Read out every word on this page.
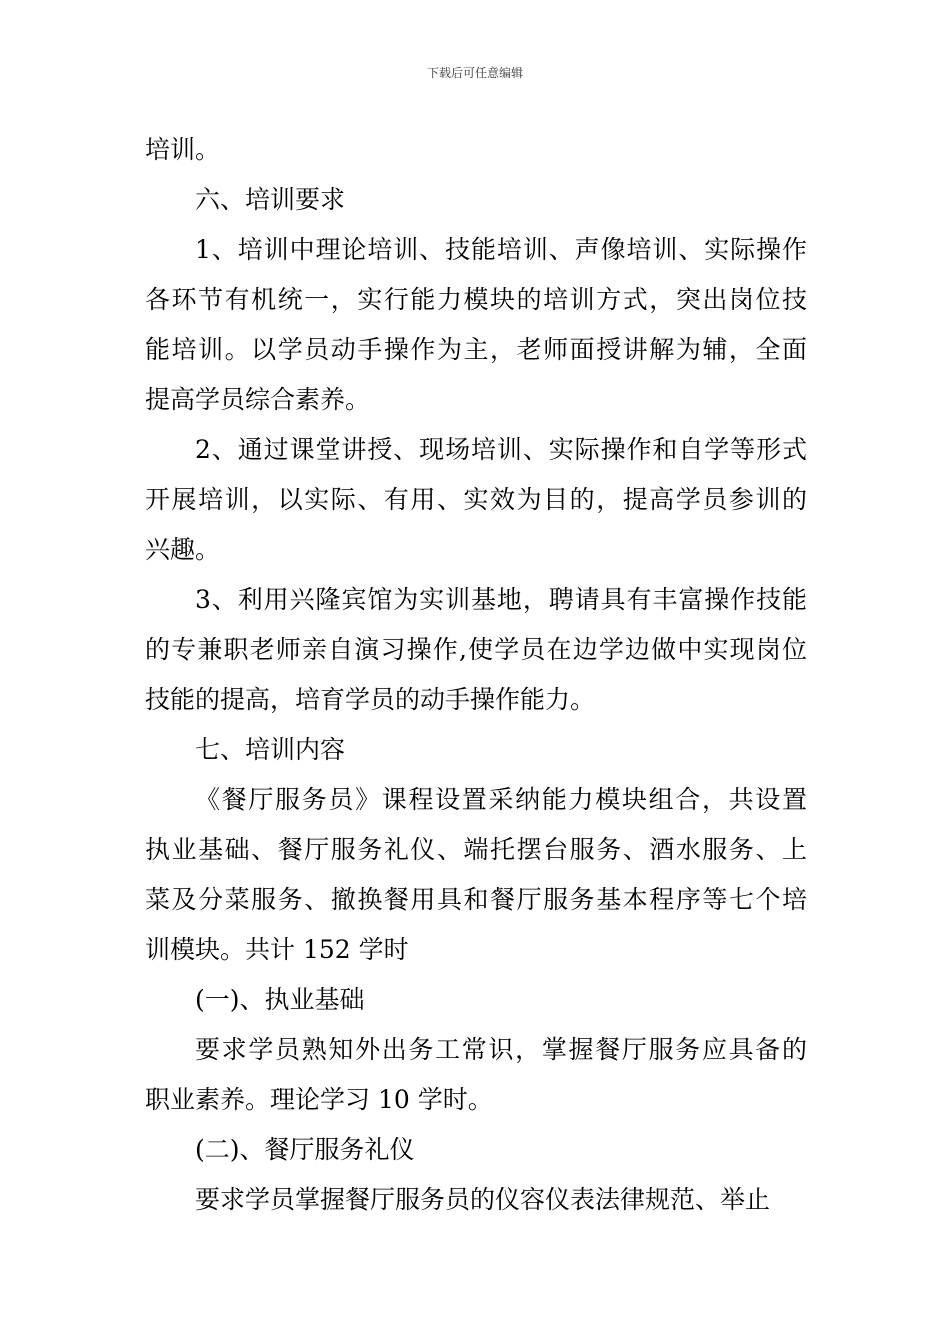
下载后可任意编辑

培训。

六、培训要求

1、培训中理论培训、技能培训、声像培训、实际操作
各环节有机统一，实行能力模块的培训方式，突出岗位技
能培训。以学员动手操作为主，老师面授讲解为辅，全面
提高学员综合素养。

2、通过课堂讲授、现场培训、实际操作和自学等形式
开展培训，以实际、有用、实效为目的，提高学员参训的
兴趣。

3、利用兴隆宾馆为实训基地，聘请具有丰富操作技能
的专兼职老师亲自演习操作,使学员在边学边做中实现岗位
技能的提高，培育学员的动手操作能力。

七、培训内容

《餐厅服务员》课程设置采纳能力模块组合，共设置
执业基础、餐厅服务礼仪、端托摆台服务、酒水服务、上
菜及分菜服务、撤换餐用具和餐厅服务基本程序等七个培
训模块。共计 152 学时

(一)、执业基础

要求学员熟知外出务工常识，掌握餐厅服务应具备的
职业素养。理论学习 10 学时。

(二)、餐厅服务礼仪

要求学员掌握餐厅服务员的仪容仪表法律规范、举止
